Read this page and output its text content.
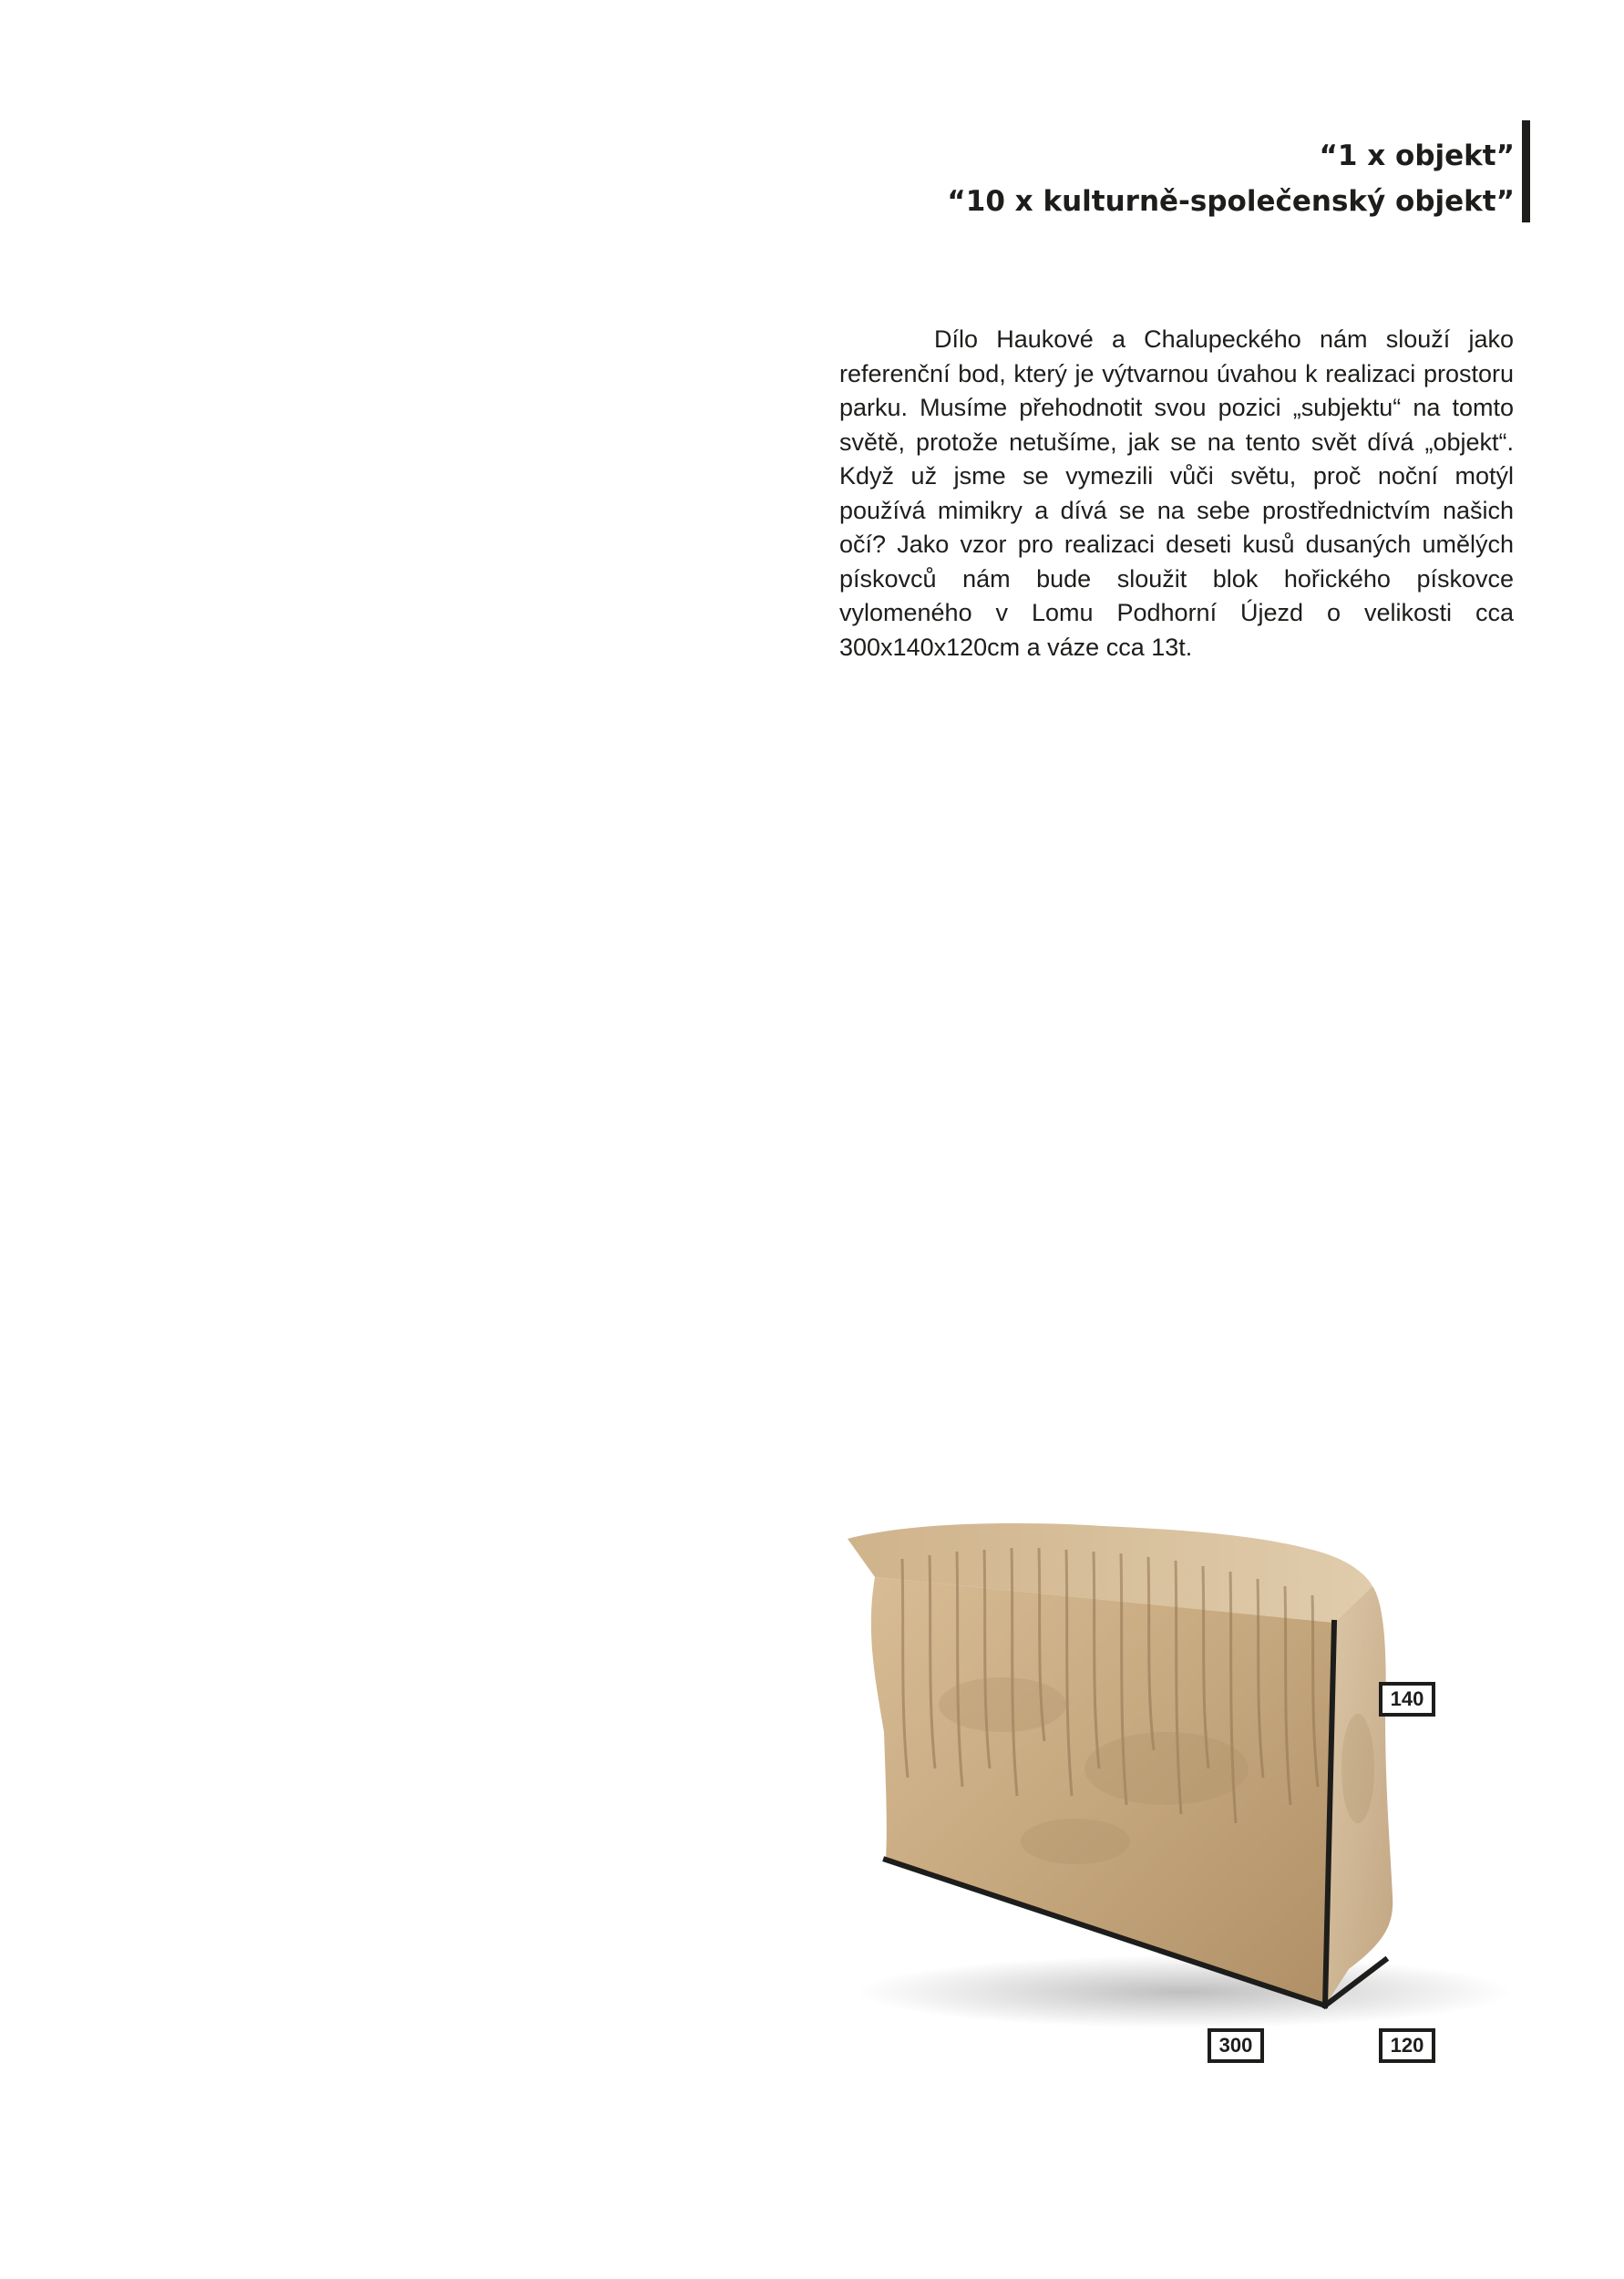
“1 x objekt”
“10 x kulturně-společenský objekt”

Dílo Haukové a Chalupeckého nám slouží jako referenční bod, který je výtvarnou úvahou k realizaci prostoru parku. Musíme přehodnotit svou pozici „subjektu“ na tomto světě, protože netušíme, jak se na tento svět dívá „objekt“. Když už jsme se vymezili vůči světu, proč noční motýl používá mimikry a dívá se na sebe prostřednictvím našich očí? Jako vzor pro realizaci deseti kusů dusaných umělých pískovců nám bude sloužit blok hořického pískovce vylomeného v Lomu Podhorní Újezd o velikosti cca 300x140x120cm a váze cca 13t.

140
300	120
